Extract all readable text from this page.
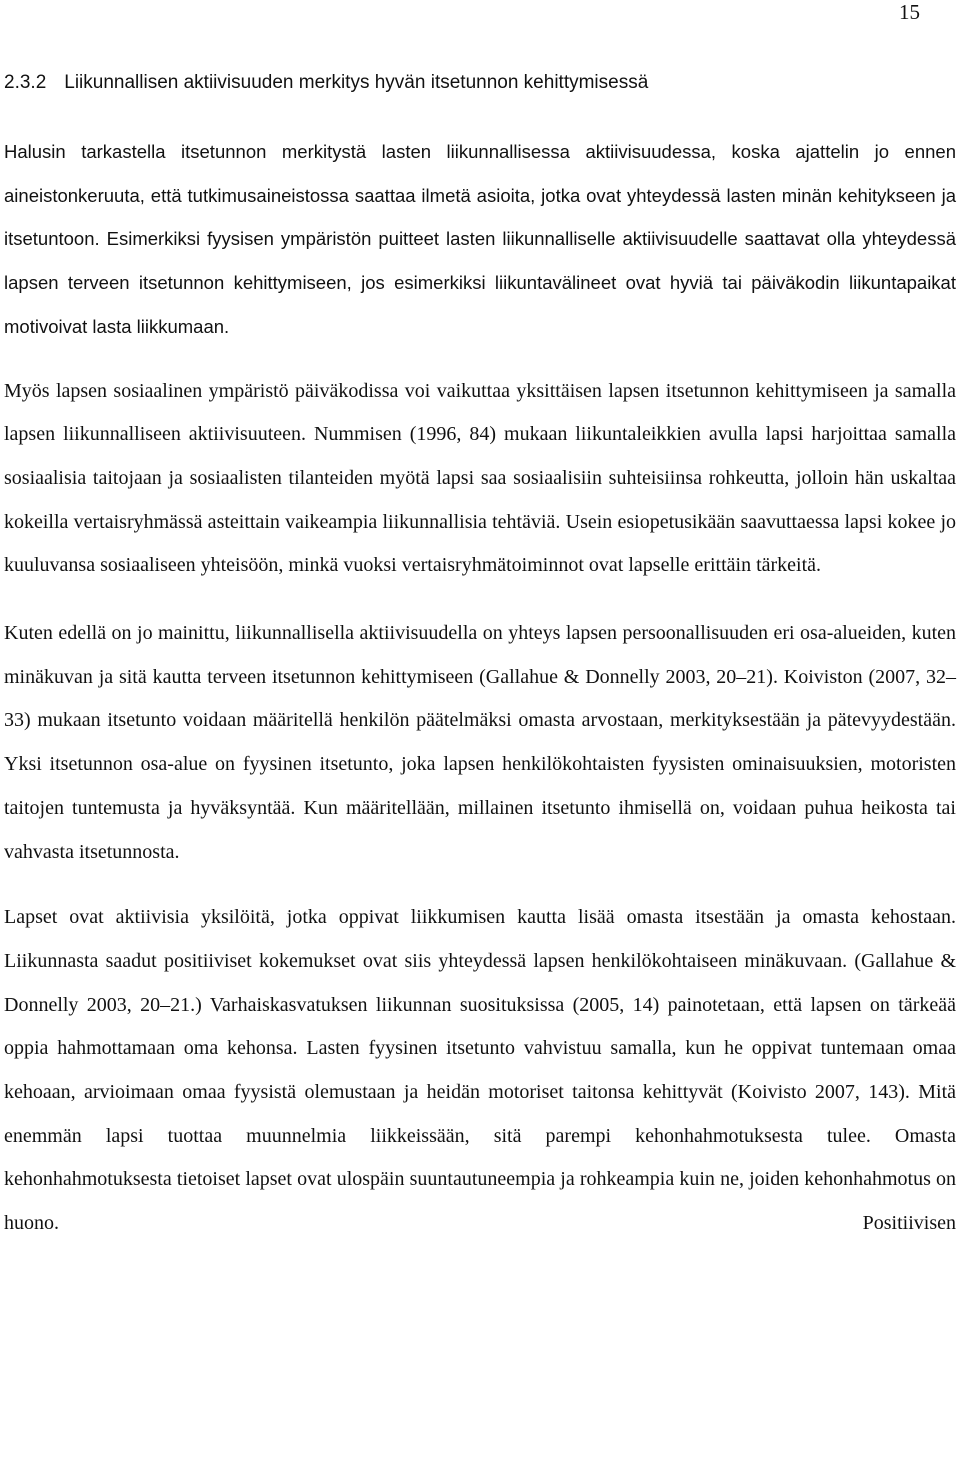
15
2.3.2 Liikunnallisen aktiivisuuden merkitys hyvän itsetunnon kehittymisessä

Halusin tarkastella itsetunnon merkitystä lasten liikunnallisessa aktiivisuudessa, koska ajattelin jo ennen aineistonkeruuta, että tutkimusaineistossa saattaa ilmetä asioita, jotka ovat yhteydessä lasten minän kehitykseen ja itsetuntoon. Esimerkiksi fyysisen ympäristön puitteet lasten liikunnalliselle aktiivisuudelle saattavat olla yhteydessä lapsen terveen itsetunnon kehittymiseen, jos esimerkiksi liikuntavälineet ovat hyviä tai päiväkodin liikuntapaikat motivoivat lasta liikkumaan.

Myös lapsen sosiaalinen ympäristö päiväkodissa voi vaikuttaa yksittäisen lapsen itsetunnon kehittymiseen ja samalla lapsen liikunnalliseen aktiivisuuteen. Nummisen (1996, 84) mukaan liikuntaleikkien avulla lapsi harjoittaa samalla sosiaalisia taitojaan ja sosiaalisten tilanteiden myötä lapsi saa sosiaalisiin suhteisiinsa rohkeutta, jolloin hän uskaltaa kokeilla vertaisryhmässä asteittain vaikeampia liikunnallisia tehtäviä. Usein esiopetusikään saavuttaessa lapsi kokee jo kuuluvansa sosiaaliseen yhteisöön, minkä vuoksi vertaisryhmätoiminnot ovat lapselle erittäin tärkeitä.

Kuten edellä on jo mainittu, liikunnallisella aktiivisuudella on yhteys lapsen persoonallisuuden eri osa-alueiden, kuten minäkuvan ja sitä kautta terveen itsetunnon kehittymiseen (Gallahue & Donnelly 2003, 20–21). Koiviston (2007, 32–33) mukaan itsetunto voidaan määritellä henkilön päätelmäksi omasta arvostaan, merkityksestään ja pätevyydestään. Yksi itsetunnon osa-alue on fyysinen itsetunto, joka lapsen henkilökohtaisten fyysisten ominaisuuksien, motoristen taitojen tuntemusta ja hyväksyntää. Kun määritellään, millainen itsetunto ihmisellä on, voidaan puhua heikosta tai vahvasta itsetunnosta.

Lapset ovat aktiivisia yksilöitä, jotka oppivat liikkumisen kautta lisää omasta itsestään ja omasta kehostaan. Liikunnasta saadut positiiviset kokemukset ovat siis yhteydessä lapsen henkilökohtaiseen minäkuvaan. (Gallahue & Donnelly 2003, 20–21.) Varhaiskasvatuksen liikunnan suosituksissa (2005, 14) painotetaan, että lapsen on tärkeää oppia hahmottamaan oma kehonsa. Lasten fyysinen itsetunto vahvistuu samalla, kun he oppivat tuntemaan omaa kehoaan, arvioimaan omaa fyysistä olemustaan ja heidän motoriset taitonsa kehittyvät (Koivisto 2007, 143). Mitä enemmän lapsi tuottaa muunnelmia liikkeissään, sitä parempi kehonhahmotuksesta tulee. Omasta kehonhahmotuksesta tietoiset lapset ovat ulospäin suuntautuneempia ja rohkeampia kuin ne, joiden kehonhahmotus on huono. Positiivisen
